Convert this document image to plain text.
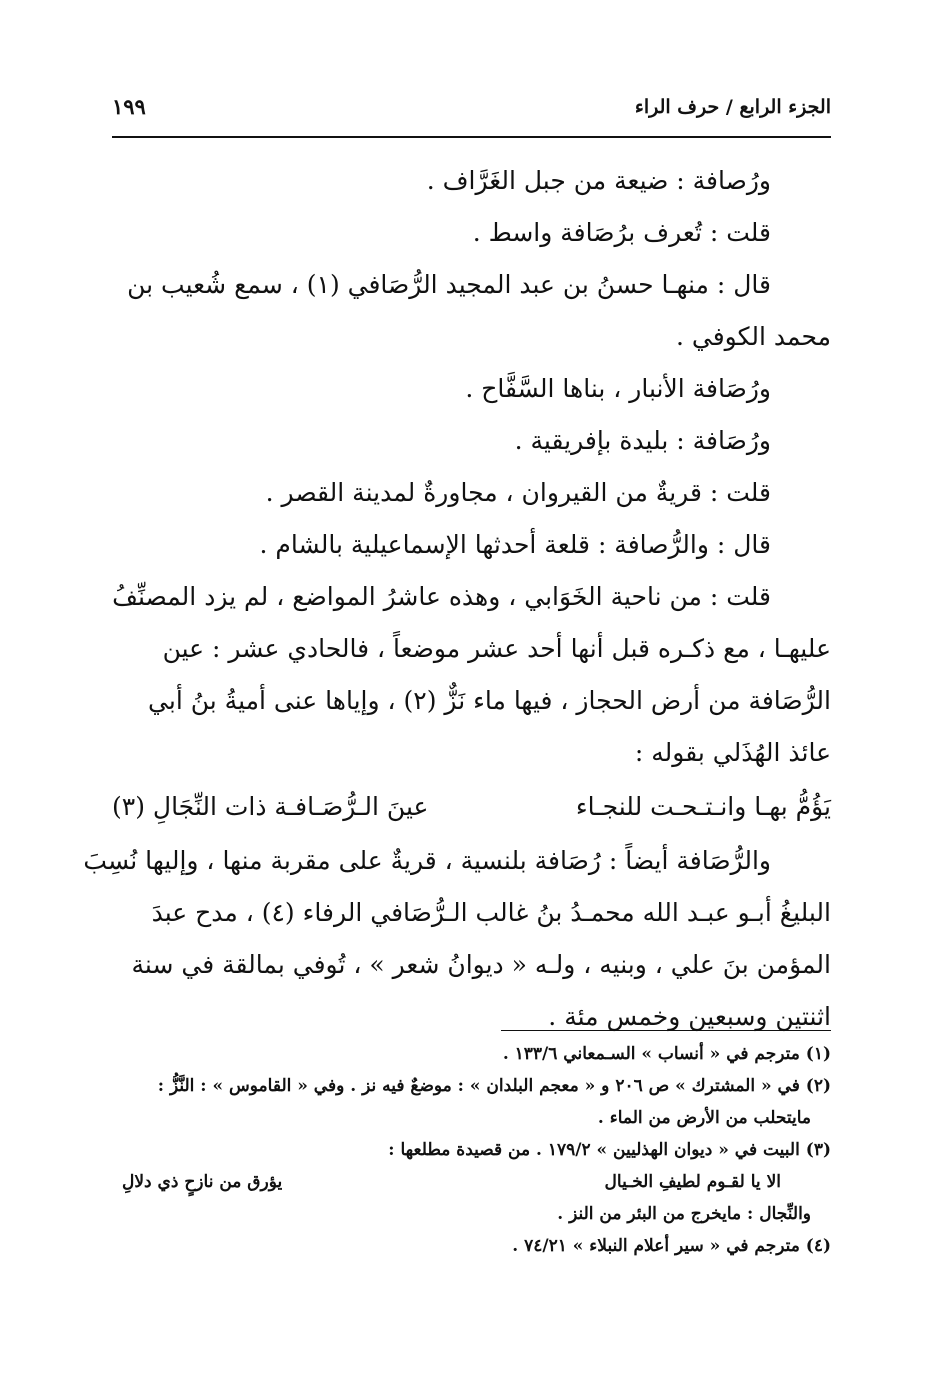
الجزء الرابع / حرف الراء
١٩٩
ورُصافة : ضيعة من جبل الغَرَّاف .
قلت : تُعرف برُصَافة واسط .
قال : منهـا حسنُ بن عبد المجيد الرُّصَافي (١) ، سمع شُعيب بن
محمد الكوفي .
ورُصَافة الأنبار ، بناها السَّفَّاح .
ورُصَافة : بليدة بإفريقية .
قلت : قريةٌ من القيروان ، مجاورةٌ لمدينة القصر .
قال : والرُّصافة : قلعة أحدثها الإسماعيلية بالشام .
قلت : من ناحية الخَوَابي ، وهذه عاشرُ المواضع ، لم يزد المصنِّفُ
عليهـا ، مع ذكـره قبل أنها أحد عشر موضعاً ، فالحادي عشر : عين
الرُّصَافة من أرض الحجاز ، فيها ماء نَزٌّ (٢) ، وإياها عنى أميةُ بنُ أبي
عائذ الهُذَلي بقوله :
يَؤُمُّ بهـا وانـتـحـت للنجـاء
عينَ الـرُّصَـافـة ذات النِّجَالِ (٣)
والرُّصَافة أيضاً : رُصَافة بلنسية ، قريةٌ على مقربة منها ، وإليها نُسِبَ
البليغُ أبـو عبـد الله محمـدُ بنُ غالب الـرُّصَافي الرفاء (٤) ، مدح عبدَ
المؤمن بنَ علي ، وبنيه ، ولـه « ديوانُ شعر » ، تُوفي بمالقة في سنة
اثنتين وسبعين وخمس مئة .
(١) مترجم في « أنساب » السـمعاني ١٣٣/٦ .
(٢) في « المشترك » ص ٢٠٦ و « معجم البلدان » : موضعٌ فيه نز . وفي « القاموس » : النَّزُّ :
مايتحلب من الأرض من الماء .
(٣) البيت في « ديوان الهذليين » ١٧٩/٢ . من قصيدة مطلعها :
الا يا لقـوم لطيفِ الخـيال
يؤرق من نازحٍ ذي دلالِ
والنِّجال : مايخرج من البئر من النز .
(٤) مترجم في « سير أعلام النبلاء » ٧٤/٢١ .
